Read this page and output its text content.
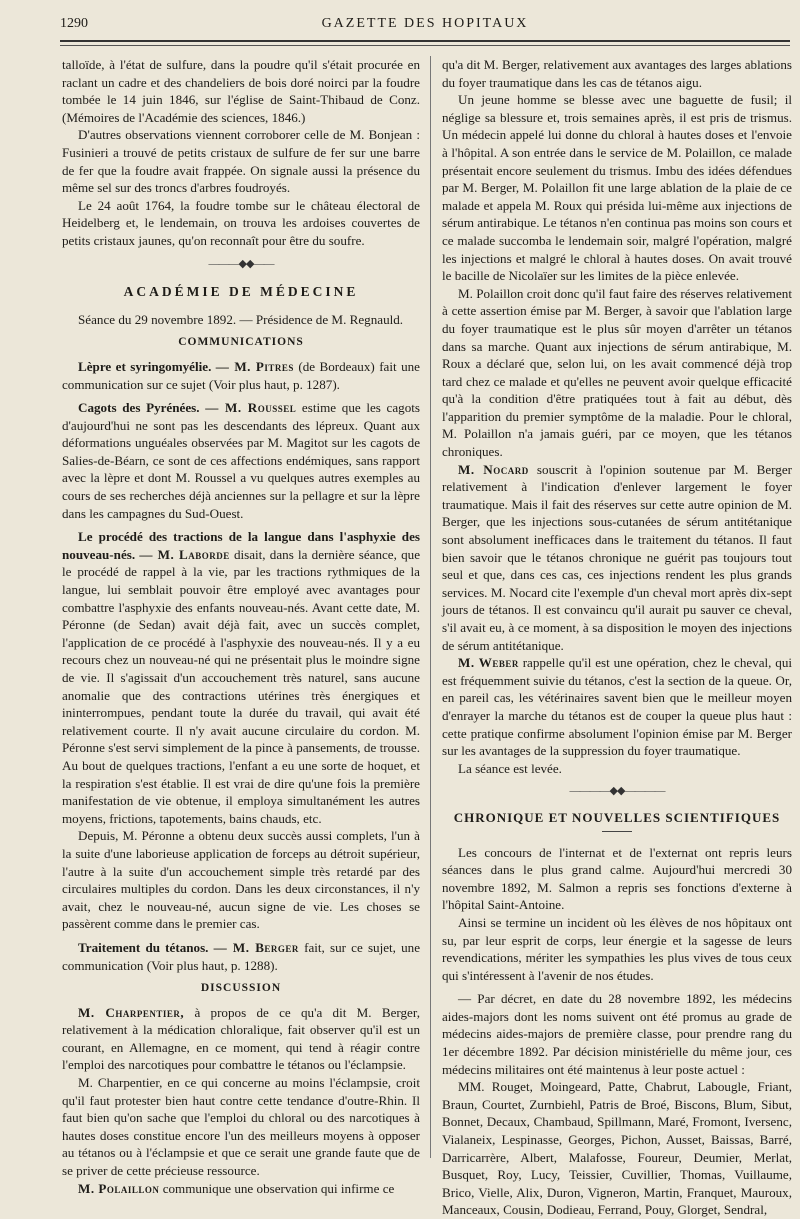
1290	GAZETTE DES HOPITAUX

talloïde, à l'état de sulfure, dans la poudre qu'il s'était procurée en raclant un cadre et des chandeliers de bois doré noirci par la foudre tombée le 14 juin 1846, sur l'église de Saint-Thibaud de Conz. (Mémoires de l'Académie des sciences, 1846.)

D'autres observations viennent corroborer celle de M. Bonjean : Fusinieri a trouvé de petits cristaux de sulfure de fer sur une barre de fer que la foudre avait frappée. On signale aussi la présence du même sel sur des troncs d'arbres foudroyés.

Le 24 août 1764, la foudre tombe sur le château électoral de Heidelberg et, le lendemain, on trouva les ardoises couvertes de petits cristaux jaunes, qu'on reconnaît pour être du soufre.

———◆◆——
ACADÉMIE DE MÉDECINE

Séance du 29 novembre 1892. — Présidence de M. Regnauld.

COMMUNICATIONS

Lèpre et syringomyélie. — M. Pitres (de Bordeaux) fait une communication sur ce sujet (Voir plus haut, p. 1287).

Cagots des Pyrénées. — M. Roussel estime que les cagots d'aujourd'hui ne sont pas les descendants des lépreux. Quant aux déformations unguéales observées par M. Magitot sur les cagots de Salies-de-Béarn, ce sont de ces affections endémiques, sans rapport avec la lèpre et dont M. Roussel a vu quelques autres exemples au cours de ses recherches déjà anciennes sur la pellagre et sur la lèpre dans les campagnes du Sud-Ouest.

Le procédé des tractions de la langue dans l'asphyxie des nouveau-nés. — M. Laborde disait, dans la dernière séance, que le procédé de rappel à la vie, par les tractions rythmiques de la langue, lui semblait pouvoir être employé avec avantages pour combattre l'asphyxie des enfants nouveau-nés. Avant cette date, M. Péronne (de Sedan) avait déjà fait, avec un succès complet, l'application de ce procédé à l'asphyxie des nouveau-nés. Il y a eu recours chez un nouveau-né qui ne présentait plus le moindre signe de vie. Il s'agissait d'un accouchement très naturel, sans aucune anomalie que des contractions utérines très énergiques et ininterrompues, pendant toute la durée du travail, qui avait été relativement courte. Il n'y avait aucune circulaire du cordon. M. Péronne s'est servi simplement de la pince à pansements, de trousse. Au bout de quelques tractions, l'enfant a eu une sorte de hoquet, et la respiration s'est établie. Il est vrai de dire qu'une fois la première manifestation de vie obtenue, il employa simultanément les autres moyens, frictions, tapotements, bains chauds, etc.

Depuis, M. Péronne a obtenu deux succès aussi complets, l'un à la suite d'une laborieuse application de forceps au détroit supérieur, l'autre à la suite d'un accouchement simple très retardé par des circulaires multiples du cordon. Dans les deux circonstances, il n'y avait, chez le nouveau-né, aucun signe de vie. Les choses se passèrent comme dans le premier cas.

Traitement du tétanos. — M. Berger fait, sur ce sujet, une communication (Voir plus haut, p. 1288).

DISCUSSION

M. Charpentier, à propos de ce qu'a dit M. Berger, relativement à la médication chloralique, fait observer qu'il est un courant, en Allemagne, en ce moment, qui tend à réagir contre l'emploi des narcotiques pour combattre le tétanos ou l'éclampsie.

M. Charpentier, en ce qui concerne au moins l'éclampsie, croit qu'il faut protester bien haut contre cette tendance d'outre-Rhin. Il faut bien qu'on sache que l'emploi du chloral ou des narcotiques à hautes doses constitue encore l'un des meilleurs moyens à opposer au tétanos ou à l'éclampsie et que ce serait une grande faute que de se priver de cette précieuse ressource.

M. Polaillon communique une observation qui infirme ce

qu'a dit M. Berger, relativement aux avantages des larges ablations du foyer traumatique dans les cas de tétanos aigu.

Un jeune homme se blesse avec une baguette de fusil; il néglige sa blessure et, trois semaines après, il est pris de trismus. Un médecin appelé lui donne du chloral à hautes doses et l'envoie à l'hôpital. A son entrée dans le service de M. Polaillon, ce malade présentait encore seulement du trismus. Imbu des idées défendues par M. Berger, M. Polaillon fit une large ablation de la plaie de ce malade et appela M. Roux qui présida lui-même aux injections de sérum antirabique. Le tétanos n'en continua pas moins son cours et ce malade succomba le lendemain soir, malgré l'opération, malgré les injections et malgré le chloral à hautes doses. On avait trouvé le bacille de Nicolaïer sur les limites de la pièce enlevée.

M. Polaillon croit donc qu'il faut faire des réserves relativement à cette assertion émise par M. Berger, à savoir que l'ablation large du foyer traumatique est le plus sûr moyen d'arrêter un tétanos dans sa marche. Quant aux injections de sérum antirabique, M. Roux a déclaré que, selon lui, on les avait commencé déjà trop tard chez ce malade et qu'elles ne peuvent avoir quelque efficacité qu'à la condition d'être pratiquées tout à fait au début, dès l'apparition du premier symptôme de la maladie. Pour le chloral, M. Polaillon n'a jamais guéri, par ce moyen, que les tétanos chroniques.

M. Nocard souscrit à l'opinion soutenue par M. Berger relativement à l'indication d'enlever largement le foyer traumatique. Mais il fait des réserves sur cette autre opinion de M. Berger, que les injections sous-cutanées de sérum antitétanique sont absolument inefficaces dans le traitement du tétanos. Il faut bien savoir que le tétanos chronique ne guérit pas toujours tout seul et que, dans ces cas, ces injections rendent les plus grands services. M. Nocard cite l'exemple d'un cheval mort après dix-sept jours de tétanos. Il est convaincu qu'il aurait pu sauver ce cheval, s'il avait eu, à ce moment, à sa disposition le moyen des injections de sérum antitétanique.

M. Weber rappelle qu'il est une opération, chez le cheval, qui est fréquemment suivie du tétanos, c'est la section de la queue. Or, en pareil cas, les vétérinaires savent bien que le meilleur moyen d'enrayer la marche du tétanos est de couper la queue plus haut : cette pratique confirme absolument l'opinion émise par M. Berger sur les avantages de la suppression du foyer traumatique.

La séance est levée.

————◆◆————
CHRONIQUE ET NOUVELLES SCIENTIFIQUES

Les concours de l'internat et de l'externat ont repris leurs séances dans le plus grand calme. Aujourd'hui mercredi 30 novembre 1892, M. Salmon a repris ses fonctions d'externe à l'hôpital Saint-Antoine.

Ainsi se termine un incident où les élèves de nos hôpitaux ont su, par leur esprit de corps, leur énergie et la sagesse de leurs revendications, mériter les sympathies les plus vives de tous ceux qui s'intéressent à l'avenir de nos études.

— Par décret, en date du 28 novembre 1892, les médecins aides-majors dont les noms suivent ont été promus au grade de médecins aides-majors de première classe, pour prendre rang du 1er décembre 1892. Par décision ministérielle du même jour, ces médecins militaires ont été maintenus à leur poste actuel :

MM. Rouget, Moingeard, Patte, Chabrut, Labougle, Friant, Braun, Courtet, Zurnbiehl, Patris de Broé, Biscons, Blum, Sibut, Bonnet, Decaux, Chambaud, Spillmann, Maré, Fromont, Iversenc, Vialaneix, Lespinasse, Georges, Pichon, Ausset, Baissas, Barré, Darricarrère, Albert, Malafosse, Foureur, Deumier, Merlat, Busquet, Roy, Lucy, Teissier, Cuvillier, Thomas, Vuillaume, Brico, Vielle, Alix, Duron, Vigneron, Martin, Franquet, Mauroux, Manceaux, Cousin, Dodieau, Ferrand, Pouy, Glorget, Sendral,
